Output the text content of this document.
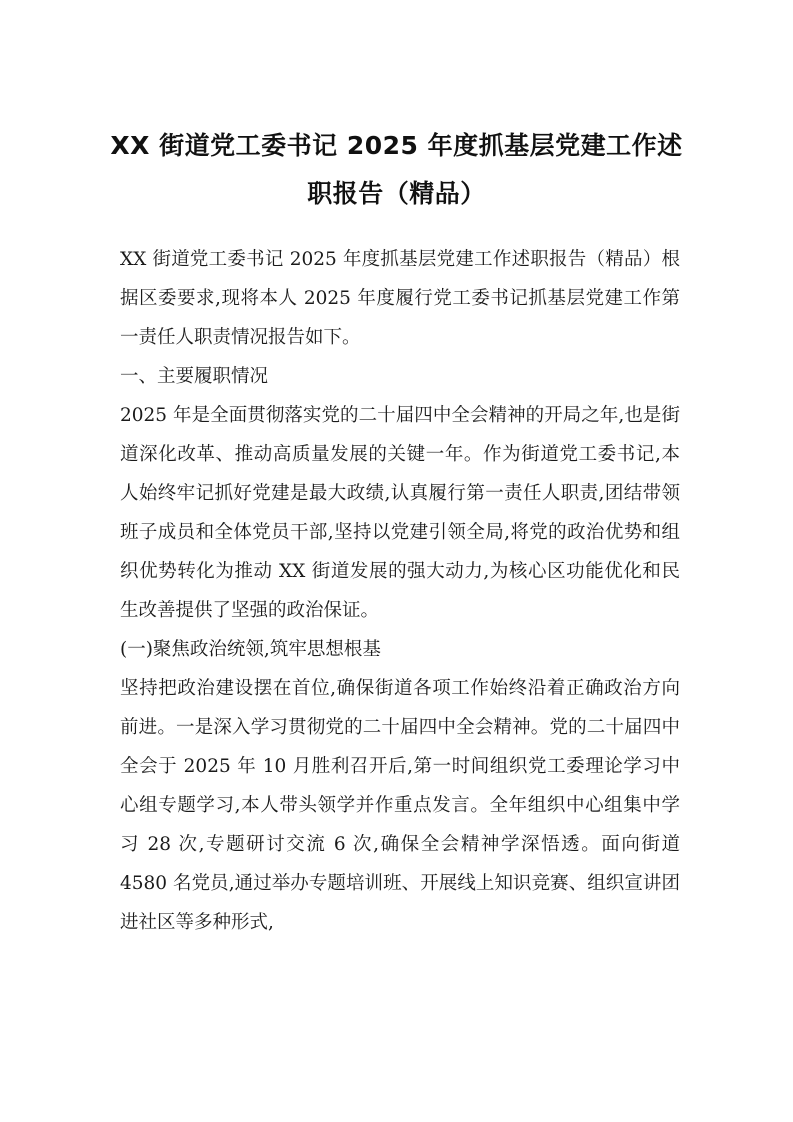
XX 街道党工委书记 2025 年度抓基层党建工作述职报告（精品）

XX 街道党工委书记 2025 年度抓基层党建工作述职报告（精品）根据区委要求,现将本人 2025 年度履行党工委书记抓基层党建工作第一责任人职责情况报告如下。

一、主要履职情况

2025 年是全面贯彻落实党的二十届四中全会精神的开局之年,也是街道深化改革、推动高质量发展的关键一年。作为街道党工委书记,本人始终牢记抓好党建是最大政绩,认真履行第一责任人职责,团结带领班子成员和全体党员干部,坚持以党建引领全局,将党的政治优势和组织优势转化为推动 XX 街道发展的强大动力,为核心区功能优化和民生改善提供了坚强的政治保证。

(一)聚焦政治统领,筑牢思想根基

坚持把政治建设摆在首位,确保街道各项工作始终沿着正确政治方向前进。一是深入学习贯彻党的二十届四中全会精神。党的二十届四中全会于 2025 年 10 月胜利召开后,第一时间组织党工委理论学习中心组专题学习,本人带头领学并作重点发言。全年组织中心组集中学习 28 次,专题研讨交流 6 次,确保全会精神学深悟透。面向街道 4580 名党员,通过举办专题培训班、开展线上知识竞赛、组织宣讲团进社区等多种形式,
